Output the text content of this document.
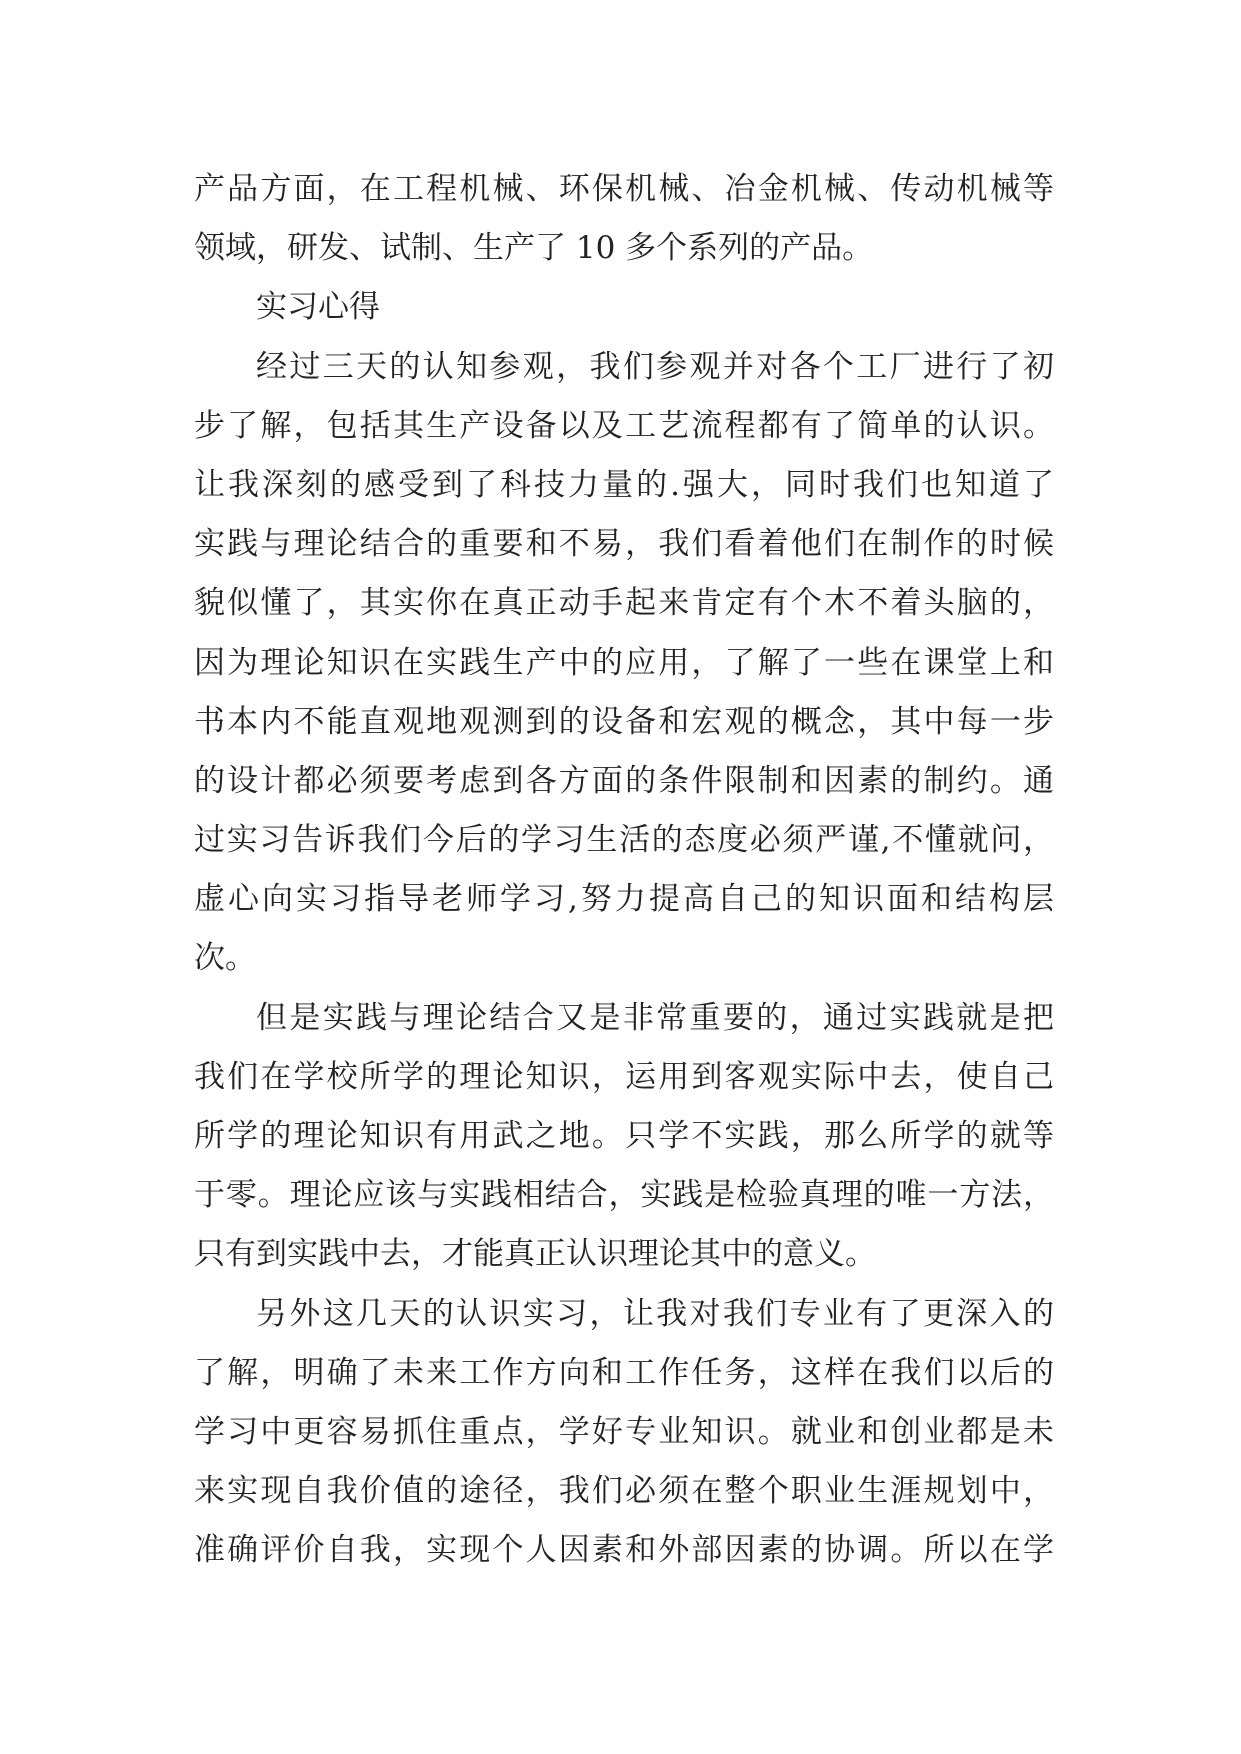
产品方面，在工程机械、环保机械、冶金机械、传动机械等
领域，研发、试制、生产了 10 多个系列的产品。
实习心得
经过三天的认知参观，我们参观并对各个工厂进行了初
步了解，包括其生产设备以及工艺流程都有了简单的认识。
让我深刻的感受到了科技力量的.强大，同时我们也知道了
实践与理论结合的重要和不易，我们看着他们在制作的时候
貌似懂了，其实你在真正动手起来肯定有个木不着头脑的，
因为理论知识在实践生产中的应用，了解了一些在课堂上和
书本内不能直观地观测到的设备和宏观的概念，其中每一步
的设计都必须要考虑到各方面的条件限制和因素的制约。通
过实习告诉我们今后的学习生活的态度必须严谨,不懂就问，
虚心向实习指导老师学习,努力提高自己的知识面和结构层
次。
但是实践与理论结合又是非常重要的，通过实践就是把
我们在学校所学的理论知识，运用到客观实际中去，使自己
所学的理论知识有用武之地。只学不实践，那么所学的就等
于零。理论应该与实践相结合，实践是检验真理的唯一方法，
只有到实践中去，才能真正认识理论其中的意义。
另外这几天的认识实习，让我对我们专业有了更深入的
了解，明确了未来工作方向和工作任务，这样在我们以后的
学习中更容易抓住重点，学好专业知识。就业和创业都是未
来实现自我价值的途径，我们必须在整个职业生涯规划中，
准确评价自我，实现个人因素和外部因素的协调。所以在学
